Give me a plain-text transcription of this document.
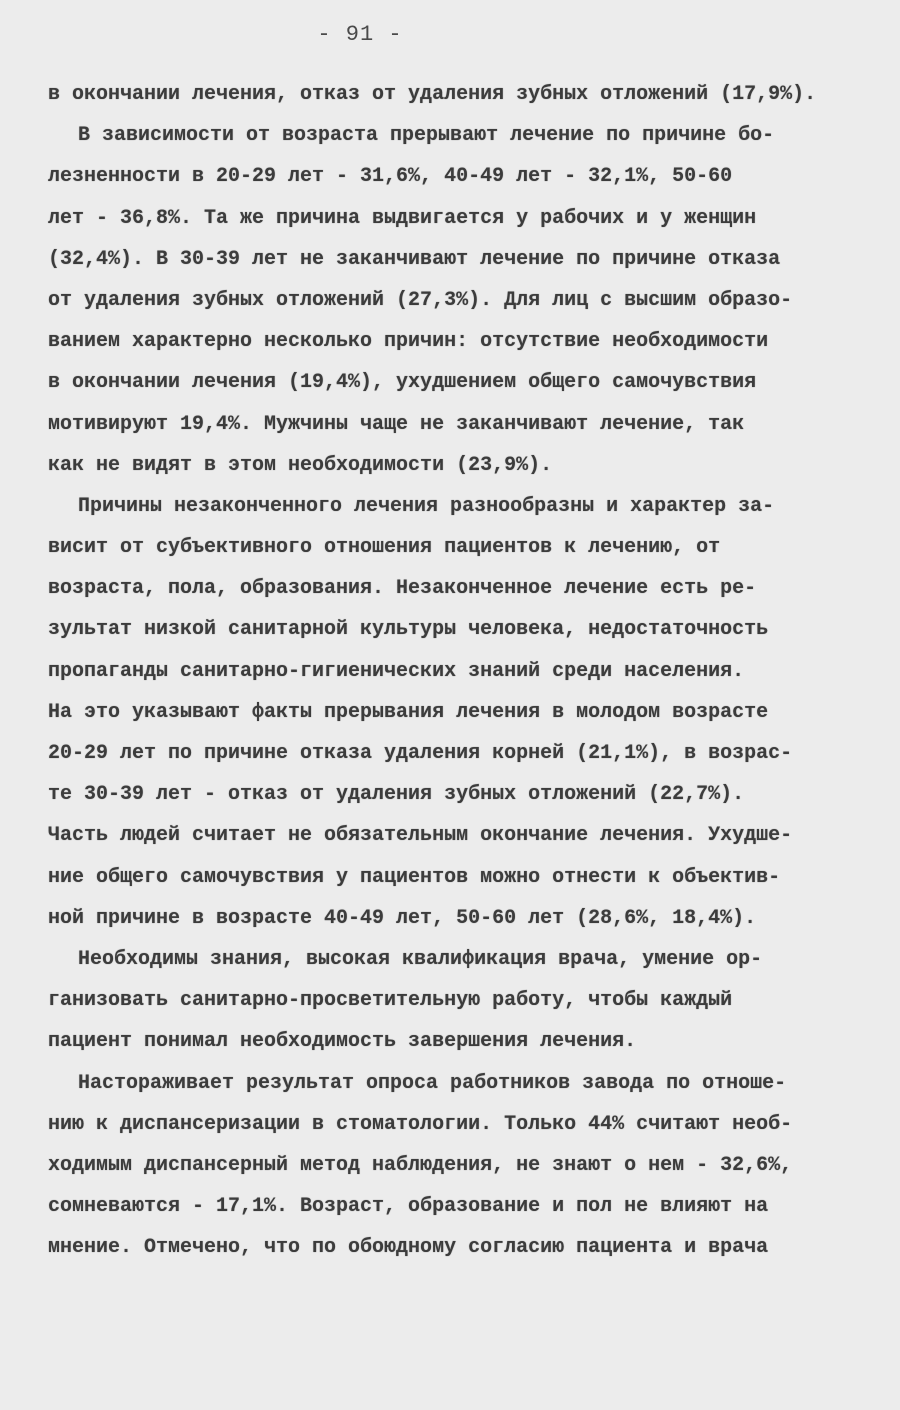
- 91 -
в окончании лечения, отказ от удаления зубных отложений (17,9%).
В зависимости от возраста прерывают лечение по причине бо-
лезненности в 20-29 лет - 31,6%, 40-49 лет - 32,1%, 50-60
лет - 36,8%. Та же причина выдвигается у рабочих и у женщин
(32,4%). В 30-39 лет не заканчивают лечение по причине отказа
от удаления зубных отложений (27,3%). Для лиц с высшим образо-
ванием характерно несколько причин: отсутствие необходимости
в окончании лечения (19,4%), ухудшением общего самочувствия
мотивируют 19,4%. Мужчины чаще не заканчивают лечение, так
как не видят в этом необходимости (23,9%).
Причины незаконченного лечения разнообразны и характер за-
висит от субъективного отношения пациентов к лечению, от
возраста, пола, образования. Незаконченное лечение есть ре-
зультат низкой санитарной культуры человека, недостаточность
пропаганды санитарно-гигиенических знаний среди населения.
На это указывают факты прерывания лечения в молодом возрасте
20-29 лет по причине отказа удаления корней (21,1%), в возрас-
те 30-39 лет - отказ от удаления зубных отложений (22,7%).
Часть людей считает не обязательным окончание лечения. Ухудше-
ние общего самочувствия у пациентов можно отнести к объектив-
ной причине в возрасте 40-49 лет, 50-60 лет (28,6%, 18,4%).
Необходимы знания, высокая квалификация врача, умение ор-
ганизовать санитарно-просветительную работу, чтобы каждый
пациент понимал необходимость завершения лечения.
Настораживает результат опроса работников завода по отноше-
нию к диспансеризации в стоматологии. Только 44% считают необ-
ходимым диспансерный метод наблюдения, не знают о нем - 32,6%,
сомневаются - 17,1%. Возраст, образование и пол не влияют на
мнение. Отмечено, что по обоюдному согласию пациента и врача
